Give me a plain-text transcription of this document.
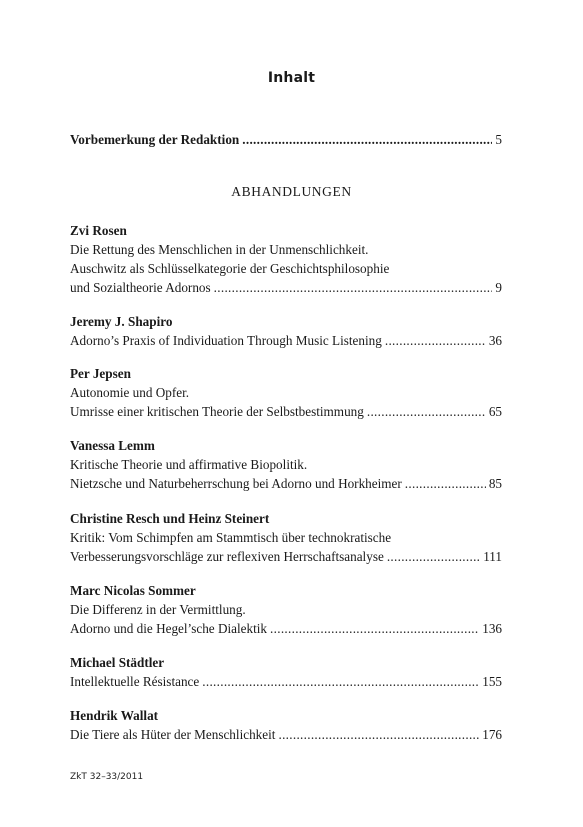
Inhalt
Vorbemerkung der Redaktion . . .	5
Zvi Rosen
Die Rettung des Menschlichen in der Unmenschlichkeit.
Auschwitz als Schlüsselkategorie der Geschichtsphilosophie
und Sozialtheorie Adornos . . .	9
Jeremy J. Shapiro
Adorno’s Praxis of Individuation Through Music Listening . . .	36
Per Jepsen
Autonomie und Opfer.
Umrisse einer kritischen Theorie der Selbstbestimmung . . .	65
Vanessa Lemm
Kritische Theorie und affirmative Biopolitik.
Nietzsche und Naturbeherrschung bei Adorno und Horkheimer . . .	85
Christine Resch und Heinz Steinert
Kritik: Vom Schimpfen am Stammtisch über technokratische
Verbesserungsvorschläge zur reflexiven Herrschaftsanalyse . . .	111
Marc Nicolas Sommer
Die Differenz in der Vermittlung.
Adorno und die Hegel’sche Dialektik . . .	136
Michael Städtler
Intellektuelle Résistance . . .	155
Hendrik Wallat
Die Tiere als Hüter der Menschlichkeit . . .	176
ABHANDLUNGEN
ZkT 32–33/2011
